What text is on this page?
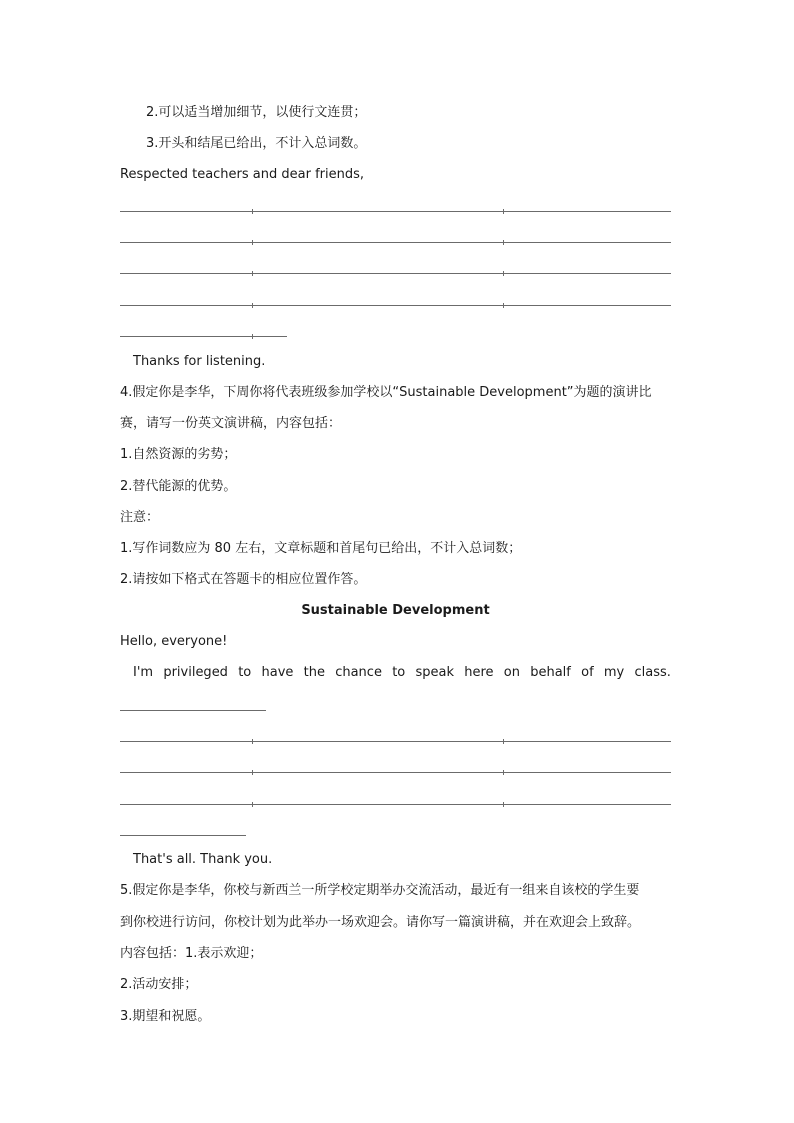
2.可以适当增加细节，以使行文连贯；
3.开头和结尾已给出，不计入总词数。
Respected teachers and dear friends,
Thanks for listening.
4.假定你是李华，下周你将代表班级参加学校以“Sustainable Development”为题的演讲比
赛，请写一份英文演讲稿，内容包括：
1.自然资源的劣势；
2.替代能源的优势。
注意：
1.写作词数应为 80 左右，文章标题和首尾句已给出，不计入总词数；
2.请按如下格式在答题卡的相应位置作答。
Sustainable Development
Hello, everyone!
I'm privileged to have the chance to speak here on behalf of my class.
That's all. Thank you.
5.假定你是李华，你校与新西兰一所学校定期举办交流活动，最近有一组来自该校的学生要
到你校进行访问，你校计划为此举办一场欢迎会。请你写一篇演讲稿，并在欢迎会上致辞。
内容包括：1.表示欢迎；
2.活动安排；
3.期望和祝愿。
